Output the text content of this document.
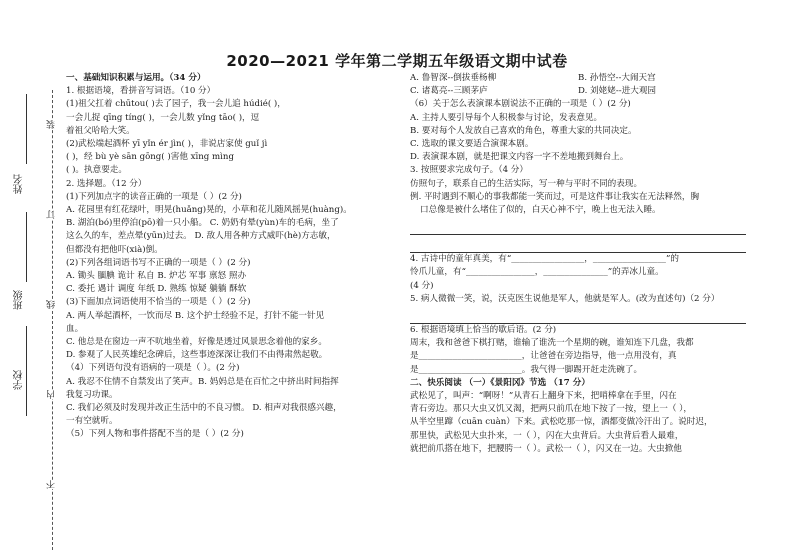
2020—2021 学年第二学期五年级语文期中试卷
姓名
班级
学校
装
订
线
内
不
一、基础知识积累与运用。（34 分）
1. 根据语境，看拼音写词语。（10 分）
(1)祖父扛着 chūtou( )去了园子，我一会儿追 húdié( )，
一会儿捉 qīng tíng( )，一会儿数 yǐng tāo( )，逗
着祖父哈哈大笑。
(2)武松端起酒杯 yī yǐn ér jìn( )，非说店家使 guǐ jì
( )，经 bù yè sān gōng( )害他 xīng mìng
( )。执意要走。
2. 选择题。（12 分）
(1)下列加点字的读音正确的一项是（ ）(2 分)
A. 花园里有红花绿叶，明晃(huǎng)晃的，小草和花儿随风摇晃(huàng)。
B. 湖泊(bó)里停泊(pō)着一只小船。 C. 奶奶有晕(yùn)车的毛病，坐了
这么久的车，差点晕(yūn)过去。 D. 敌人用各种方式威吓(hè)方志敏，
但都没有把他吓(xià)倒。
(2)下列各组词语书写不正确的一项是（ ）(2 分)
A. 锄头 腼腆 诡计 私自 B. 炉芯 军事 禀怒 照办
C. 委托 遇计 调度 年纸 D. 熟练 惊疑 躺躺 酥软
(3)下面加点词语使用不恰当的一项是（ ）(2 分)
A. 两人举起酒杯，一饮而尽 B. 这个护士经验不足，打针不能一针见
血。
C. 他总是在窗边一声不吭地坐着，好像是透过风景思念着他的家乡。
D. 参观了人民英雄纪念碑后，这些事迹深深让我们不由得肃然起敬。
（4）下列语句没有语病的一项是（ ）。(2 分)
A. 我忍不住情不自禁发出了笑声。B. 妈妈总是在百忙之中挤出时间指挥
我复习功课。
C. 我们必须及时发现并改正生活中的不良习惯。 D. 相声对我很感兴趣，
一有空就听。
（5）下列人物和事件搭配不当的是（ ）(2 分)
A. 鲁智深--倒拔垂杨柳	B. 孙悟空--大闹天宫
C. 诸葛亮--三顾茅庐	D. 刘姥姥--进大观园
（6）关于怎么表演课本剧说法不正确的一项是（ ）(2 分)
A. 主持人要引导每个人积极参与讨论，发表意见。
B. 要对每个人发放自己喜欢的角色，尊重大家的共同决定。
C. 选取的课文要适合演课本剧。
D. 表演课本剧，就是把课文内容一字不差地搬到舞台上。
3. 按照要求完成句子。（4 分）
仿照句子，联系自己的生活实际，写一种与平时不同的表现。
例. 平时遇到不顺心的事我都能一笑而过，可是这件事让我实在无法释然，胸
口总像是被什么堵住了似的，白天心神不宁，晚上也无法入睡。
4. 古诗中的童年真美，有“_________________，_________________”的
怜爪儿童，有“________________，_______________”的弄冰儿童。
(4 分)
5. 病人微微一笑，说，沃克医生说他是军人，他就是军人。(改为直述句)（2 分）
6. 根据语境填上恰当的歇后语。(2 分)
周末，我和爸爸下棋打赌，谁输了谁洗一个星期的碗，谁知连下几盘，我都
是________________________，让爸爸在旁边指导，他一点用没有，真
是________________________。我气得一脚踢开赶走洗碗了。
二、快乐阅读 （一）《景阳冈》节选 （17 分）
武松见了，叫声：“啊呀！”从青石上翻身下来，把哨棒拿在手里，闪在
青石旁边。那只大虫又饥又渴，把两只前爪在地下按了一按，望上一（ ），
从半空里蹿（cuān cuàn）下来。武松吃那一惊，酒都变做冷汗出了。说时迟，
那里快，武松见大虫扑来，一（ ），闪在大虫背后。大虫背后看人最难，
就把前爪搭在地下，把腰胯一（ ）。武松一（ ），闪又在一边。大虫掀他
